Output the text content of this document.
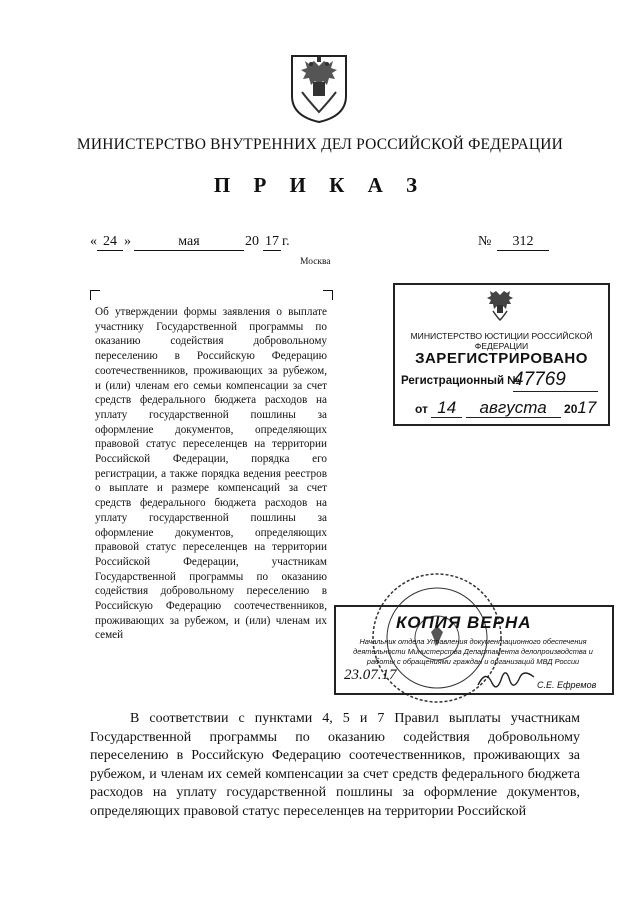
МИНИСТЕРСТВО ВНУТРЕННИХ ДЕЛ РОССИЙСКОЙ ФЕДЕРАЦИИ
П Р И К А З
« 24 »	мая	20 17 г.	№	312
Москва
Об утверждении формы заявления о выплате участнику Государственной программы по оказанию содействия добровольному переселению в Российскую Федерацию соотечественников, проживающих за рубежом, и (или) членам его семьи компенсации за счет средств федерального бюджета расходов на уплату государственной пошлины за оформление документов, определяющих правовой статус переселенцев на территории Российской Федерации, порядка его регистрации, а также порядка ведения реестров о выплате и размере компенсаций за счет средств федерального бюджета расходов на уплату государственной пошлины за оформление документов, определяющих правовой статус переселенцев на территории Российской Федерации, участникам Государственной программы по оказанию содействия добровольному переселению в Российскую Федерацию соотечественников, проживающих за рубежом, и (или) членам их семей
МИНИСТЕРСТВО ЮСТИЦИИ РОССИЙСКОЙ ФЕДЕРАЦИИ
ЗАРЕГИСТРИРОВАНО
Регистрационный №
47769
от 14 августа 2017
КОПИЯ ВЕРНА
Начальник отдела Управления документационного обеспечения деятельности Министерства Департамента делопроизводства и работы с обращениями граждан и организаций МВД России
23.07.17
С.Е. Ефремов

В соответствии с пунктами 4, 5 и 7 Правил выплаты участникам Государственной программы по оказанию содействия добровольному переселению в Российскую Федерацию соотечественников, проживающих за рубежом, и членам их семей компенсации за счет средств федерального бюджета расходов на уплату государственной пошлины за оформление документов, определяющих правовой статус переселенцев на территории Российской
